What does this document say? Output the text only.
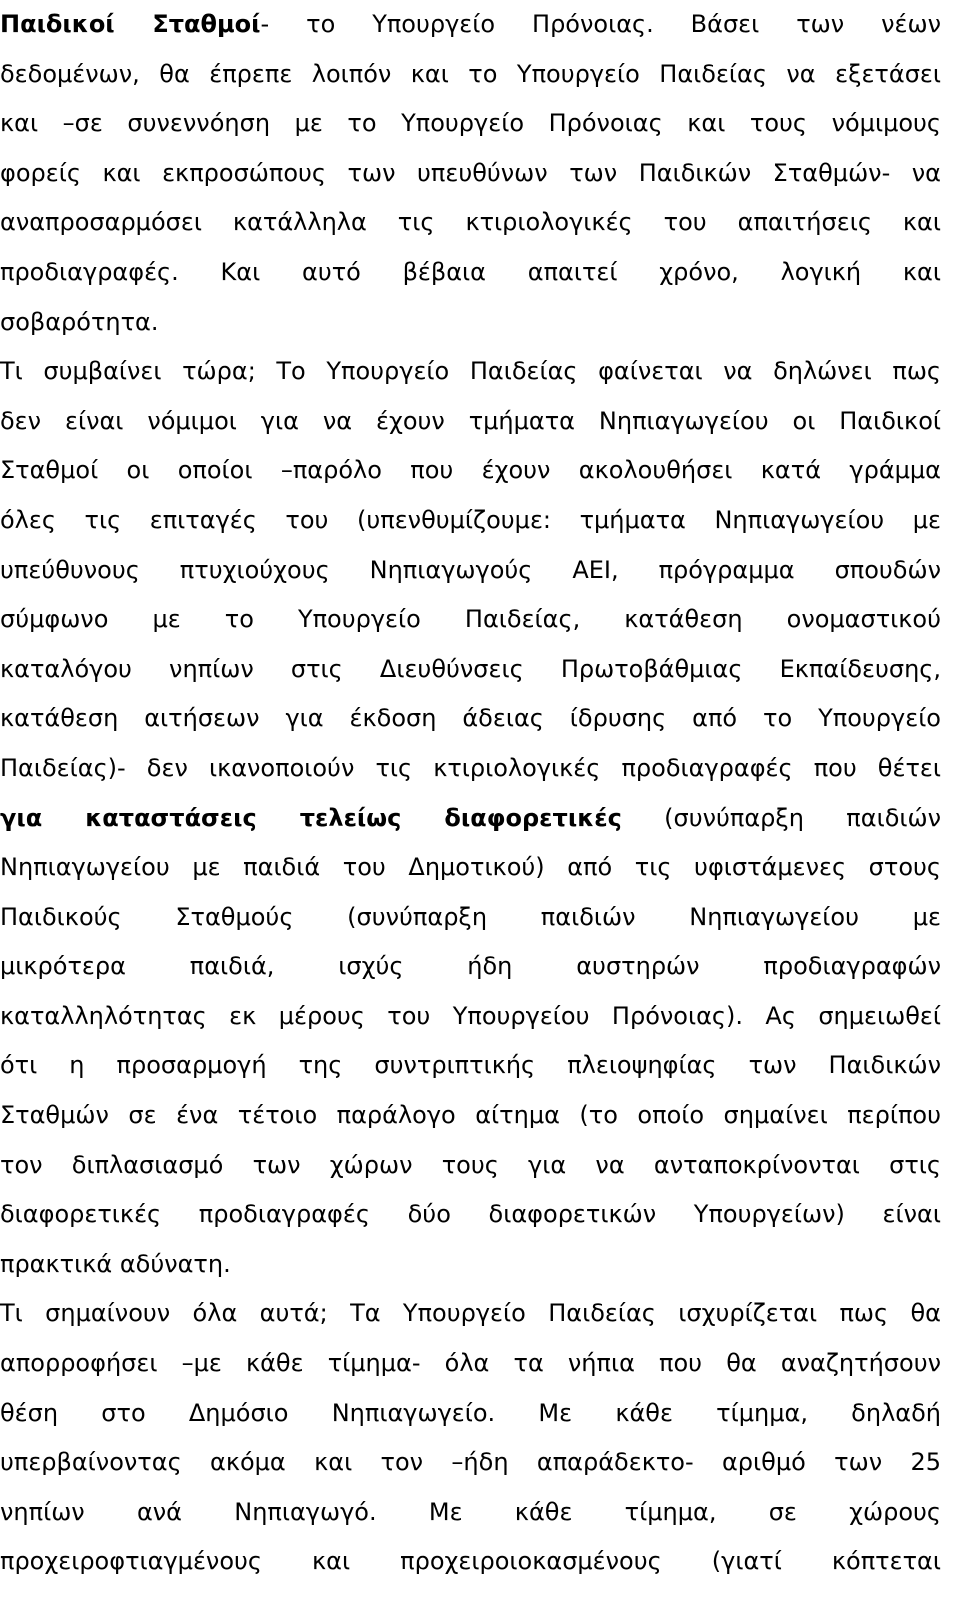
Παιδικοί Σταθμοί- το Υπουργείο Πρόνοιας. Βάσει των νέων
δεδομένων, θα έπρεπε λοιπόν και το Υπουργείο Παιδείας να εξετάσει
και –σε συνεννόηση με το Υπουργείο Πρόνοιας και τους νόμιμους
φορείς και εκπροσώπους των υπευθύνων των Παιδικών Σταθμών- να
αναπροσαρμόσει κατάλληλα τις κτιριολογικές του απαιτήσεις και
προδιαγραφές. Και αυτό βέβαια απαιτεί χρόνο, λογική και
σοβαρότητα.
Τι συμβαίνει τώρα; Το Υπουργείο Παιδείας φαίνεται να δηλώνει πως
δεν είναι νόμιμοι για να έχουν τμήματα Νηπιαγωγείου οι Παιδικοί
Σταθμοί οι οποίοι –παρόλο που έχουν ακολουθήσει κατά γράμμα
όλες τις επιταγές του (υπενθυμίζουμε: τμήματα Νηπιαγωγείου με
υπεύθυνους πτυχιούχους Νηπιαγωγούς ΑΕΙ, πρόγραμμα σπουδών
σύμφωνο με το Υπουργείο Παιδείας, κατάθεση ονομαστικού
καταλόγου νηπίων στις Διευθύνσεις Πρωτοβάθμιας Εκπαίδευσης,
κατάθεση αιτήσεων για έκδοση άδειας ίδρυσης από το Υπουργείο
Παιδείας)- δεν ικανοποιούν τις κτιριολογικές προδιαγραφές που θέτει
για καταστάσεις τελείως διαφορετικές (συνύπαρξη παιδιών
Νηπιαγωγείου με παιδιά του Δημοτικού) από τις υφιστάμενες στους
Παιδικούς Σταθμούς (συνύπαρξη παιδιών Νηπιαγωγείου με
μικρότερα παιδιά, ισχύς ήδη αυστηρών προδιαγραφών
καταλληλότητας εκ μέρους του Υπουργείου Πρόνοιας). Ας σημειωθεί
ότι η προσαρμογή της συντριπτικής πλειοψηφίας των Παιδικών
Σταθμών σε ένα τέτοιο παράλογο αίτημα (το οποίο σημαίνει περίπου
τον διπλασιασμό των χώρων τους για να ανταποκρίνονται στις
διαφορετικές προδιαγραφές δύο διαφορετικών Υπουργείων) είναι
πρακτικά αδύνατη.
Τι σημαίνουν όλα αυτά; Τα Υπουργείο Παιδείας ισχυρίζεται πως θα
απορροφήσει –με κάθε τίμημα- όλα τα νήπια που θα αναζητήσουν
θέση στο Δημόσιο Νηπιαγωγείο. Με κάθε τίμημα, δηλαδή
υπερβαίνοντας ακόμα και τον –ήδη απαράδεκτο- αριθμό των 25
νηπίων ανά Νηπιαγωγό. Με κάθε τίμημα, σε χώρους
προχειροφτιαγμένους και προχειροιοκασμένους (γιατί κόπτεται
